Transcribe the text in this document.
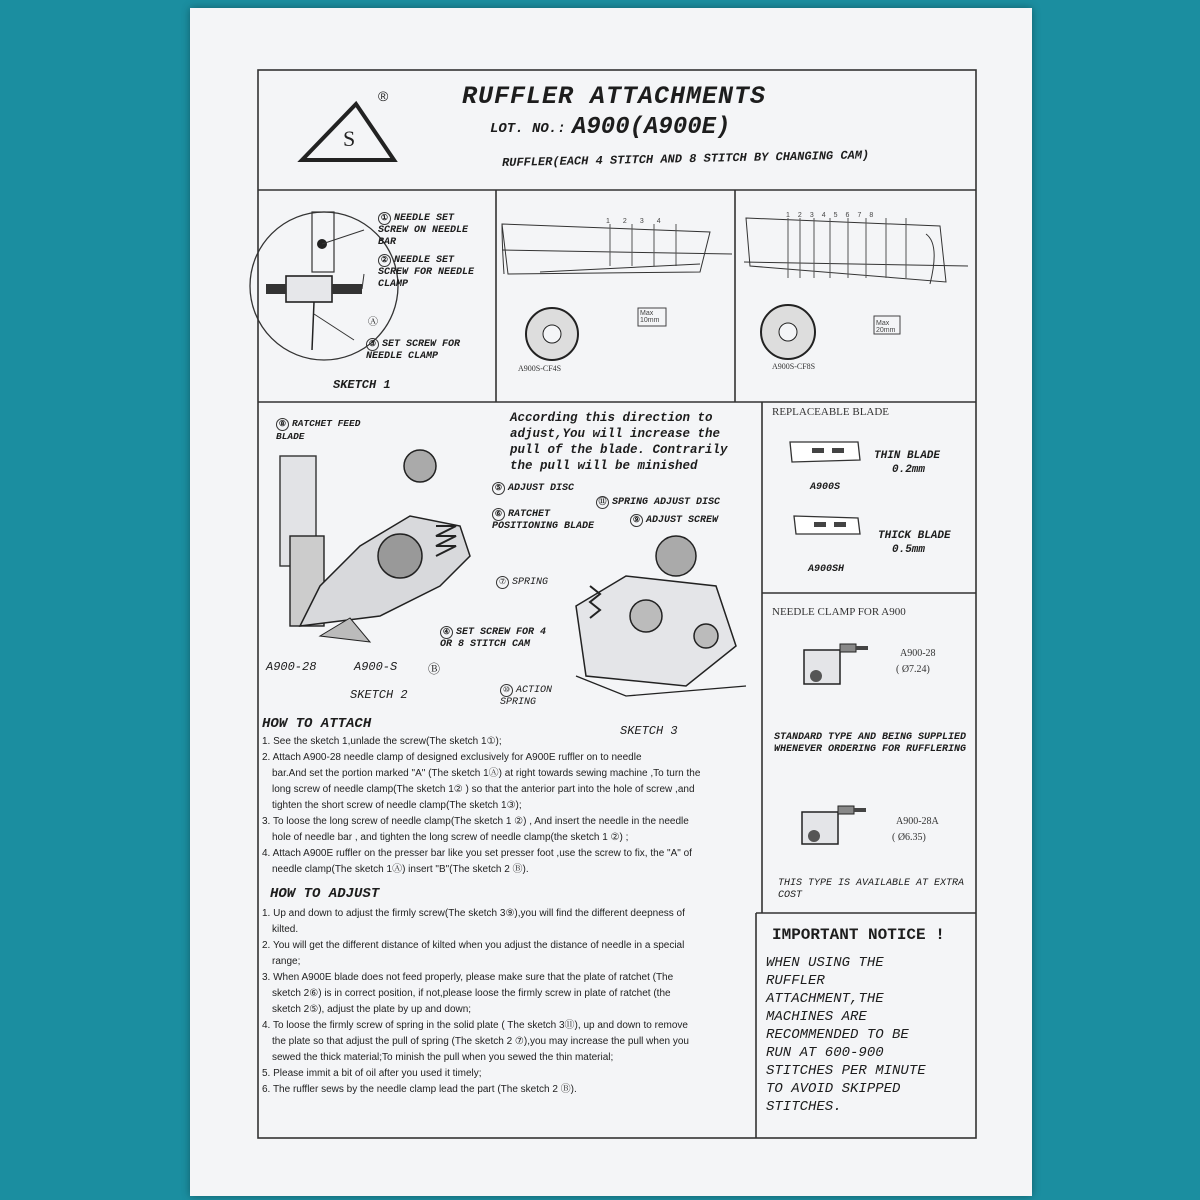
S
®	RUFFLER ATTACHMENTS
LOT. NO.: A900(A900E)
RUFFLER(EACH 4 STITCH AND 8 STITCH BY CHANGING CAM)
① NEEDLE SET SCREW ON NEEDLE BAR
② NEEDLE SET SCREW FOR NEEDLE CLAMP
Ⓐ
③ SET SCREW FOR NEEDLE CLAMP
SKETCH 1
1234
Max 10mm
A900S-CF4S
12345678
Max 20mm
A900S-CF8S
⑧ RATCHET FEED BLADE
According this direction to adjust,You will increase the pull of the blade. Contrarily the pull will be minished
⑤ ADJUST DISC
⑥ RATCHET POSITIONING BLADE
⑦ SPRING
④ SET SCREW FOR 4 OR 8 STITCH CAM
A900-28	A900-S	Ⓑ
SKETCH 2
⑪ SPRING ADJUST DISC
⑨ ADJUST SCREW
⑩ ACTION SPRING
SKETCH 3
REPLACEABLE BLADE
THIN BLADE
0.2mm
A900S
THICK BLADE
0.5mm
A900SH
NEEDLE CLAMP FOR A900
A900-28
( Ø7.24)
STANDARD TYPE AND BEING SUPPLIED WHENEVER ORDERING FOR RUFFLERING
A900-28A
( Ø6.35)
THIS TYPE IS AVAILABLE AT EXTRA COST
HOW TO ATTACH
1. See the sketch 1,unlade the screw(The sketch 1①);
2. Attach A900-28 needle clamp of designed exclusively for A900E ruffler on to needle
bar.And set the portion marked "A" (The sketch 1Ⓐ) at right towards sewing machine ,To turn the
long screw of needle clamp(The sketch 1② ) so that the anterior part into the hole of screw ,and
tighten the short screw of needle clamp(The sketch 1③);
3. To loose the long screw of needle clamp(The sketch 1 ②) , And insert the needle in the needle
hole of needle bar , and tighten the long screw of needle clamp(the sketch 1 ②) ;
4. Attach A900E ruffler on the presser bar like you set presser foot ,use the screw to fix, the "A" of
needle clamp(The sketch 1Ⓐ) insert "B"(The sketch 2 Ⓑ).
HOW TO ADJUST
1. Up and down to adjust the firmly screw(The sketch 3⑨),you will find the different deepness of
kilted.
2. You will get the different distance of kilted when you adjust the distance of needle in a special
range;
3. When A900E blade does not feed properly, please make sure that the plate of ratchet (The
sketch 2⑥) is in correct position, if not,please loose the firmly screw in plate of ratchet (the
sketch 2⑤), adjust the plate by up and down;
4. To loose the firmly screw of spring in the solid plate ( The sketch 3⑪), up and down to remove
the plate so that adjust the pull of spring (The sketch 2 ⑦),you may increase the pull when you
sewed the thick material;To minish the pull when you sewed the thin material;
5. Please immit a bit of oil after you used it timely;
6. The ruffler sews by the needle clamp lead the part (The sketch 2 Ⓑ).
IMPORTANT NOTICE !
WHEN USING THE
RUFFLER
ATTACHMENT,THE
MACHINES ARE
RECOMMENDED TO BE
RUN AT 600-900
STITCHES PER MINUTE
TO AVOID SKIPPED
STITCHES.
